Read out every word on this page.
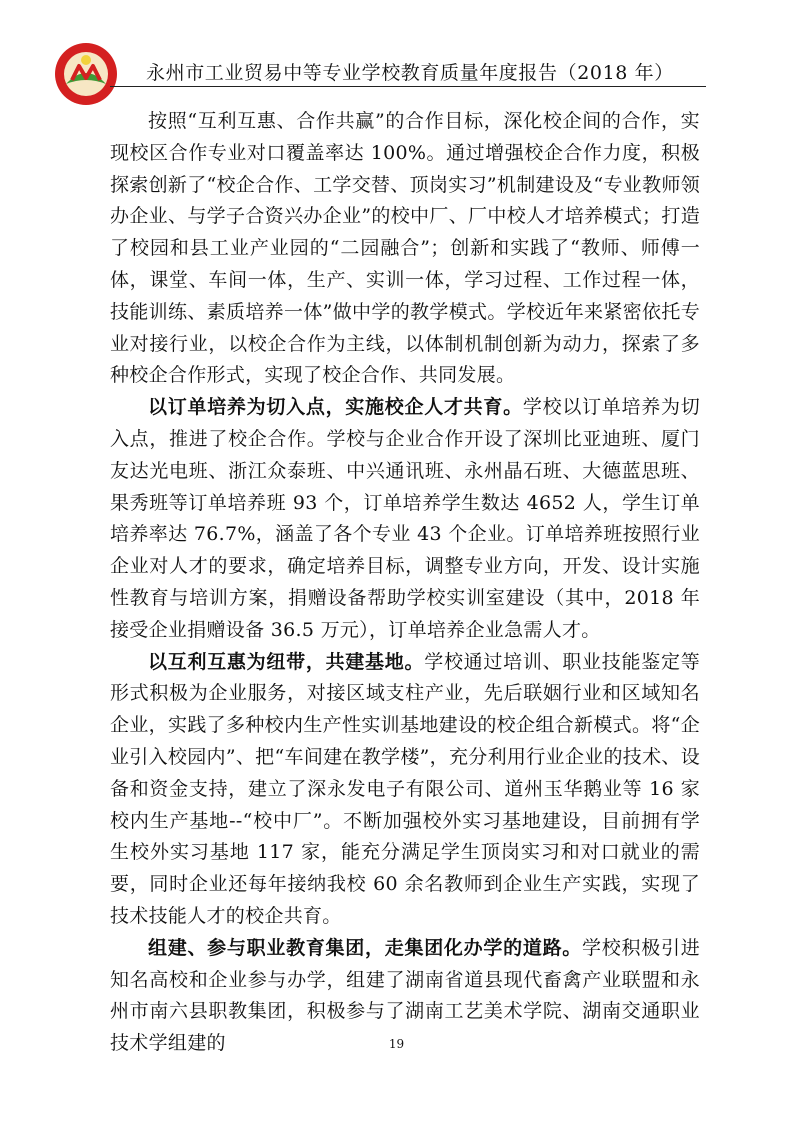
永州市工业贸易中等专业学校教育质量年度报告（2018 年）

按照“互利互惠、合作共赢”的合作目标，深化校企间的合作，实现校区合作专业对口覆盖率达 100%。通过增强校企合作力度，积极探索创新了“校企合作、工学交替、顶岗实习”机制建设及“专业教师领办企业、与学子合资兴办企业”的校中厂、厂中校人才培养模式；打造了校园和县工业产业园的“二园融合”；创新和实践了“教师、师傅一体，课堂、车间一体，生产、实训一体，学习过程、工作过程一体，技能训练、素质培养一体”做中学的教学模式。学校近年来紧密依托专业对接行业，以校企合作为主线，以体制机制创新为动力，探索了多种校企合作形式，实现了校企合作、共同发展。

以订单培养为切入点，实施校企人才共育。学校以订单培养为切入点，推进了校企合作。学校与企业合作开设了深圳比亚迪班、厦门友达光电班、浙江众泰班、中兴通讯班、永州晶石班、大德蓝思班、果秀班等订单培养班 93 个，订单培养学生数达 4652 人，学生订单培养率达 76.7%，涵盖了各个专业 43 个企业。订单培养班按照行业企业对人才的要求，确定培养目标，调整专业方向，开发、设计实施性教育与培训方案，捐赠设备帮助学校实训室建设（其中，2018 年接受企业捐赠设备 36.5 万元），订单培养企业急需人才。

以互利互惠为纽带，共建基地。学校通过培训、职业技能鉴定等形式积极为企业服务，对接区域支柱产业，先后联姻行业和区域知名企业，实践了多种校内生产性实训基地建设的校企组合新模式。将“企业引入校园内”、把“车间建在教学楼”，充分利用行业企业的技术、设备和资金支持，建立了深永发电子有限公司、道州玉华鹅业等 16 家校内生产基地--“校中厂”。不断加强校外实习基地建设，目前拥有学生校外实习基地 117 家，能充分满足学生顶岗实习和对口就业的需要，同时企业还每年接纳我校 60 余名教师到企业生产实践，实现了技术技能人才的校企共育。

组建、参与职业教育集团，走集团化办学的道路。学校积极引进知名高校和企业参与办学，组建了湖南省道县现代畜禽产业联盟和永州市南六县职教集团，积极参与了湖南工艺美术学院、湖南交通职业技术学组建的	19
